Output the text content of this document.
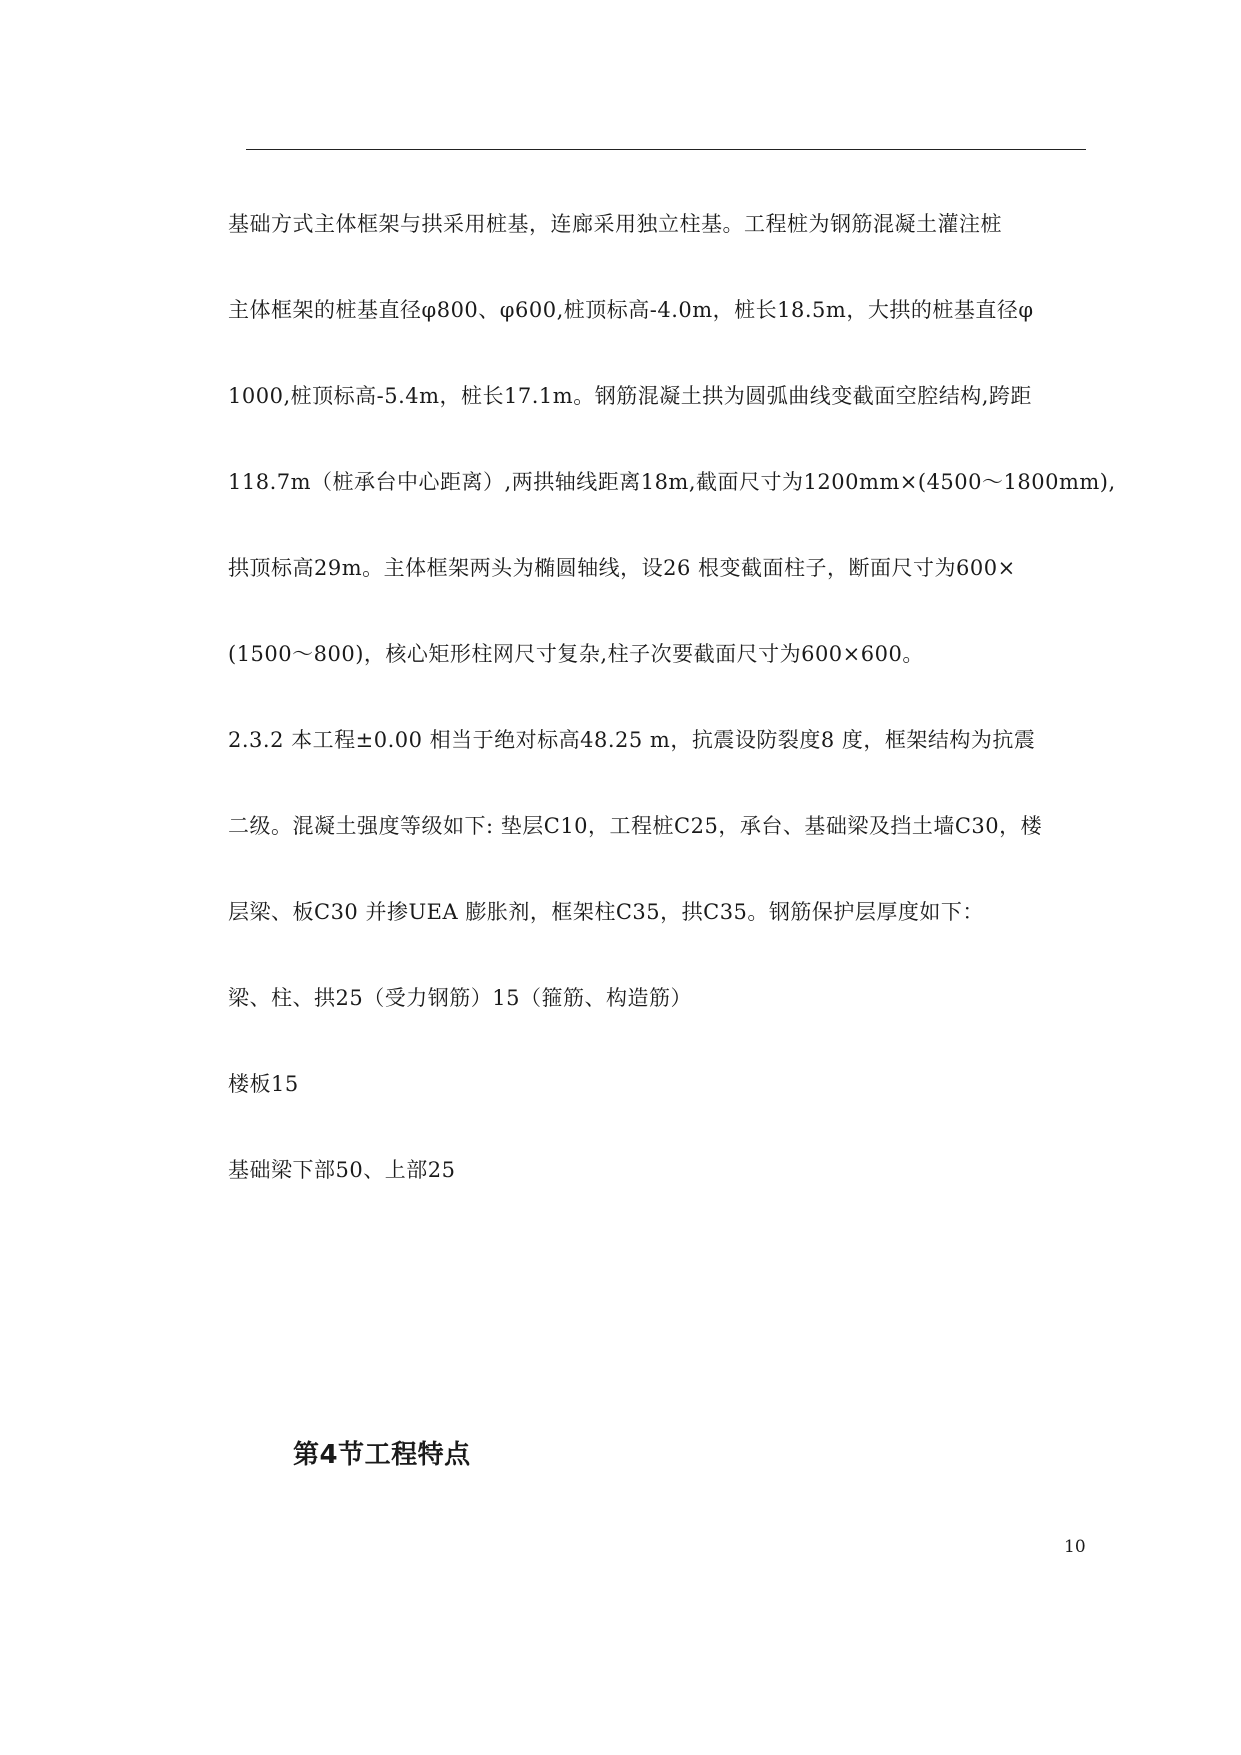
基础方式主体框架与拱采用桩基，连廊采用独立柱基。工程桩为钢筋混凝土灌注桩
主体框架的桩基直径φ800、φ600,桩顶标高-4.0m，桩长18.5m，大拱的桩基直径φ
1000,桩顶标高-5.4m，桩长17.1m。钢筋混凝土拱为圆弧曲线变截面空腔结构,跨距
118.7m（桩承台中心距离）,两拱轴线距离18m,截面尺寸为1200mm×(4500～1800mm),
拱顶标高29m。主体框架两头为椭圆轴线，设26 根变截面柱子，断面尺寸为600×
(1500～800)，核心矩形柱网尺寸复杂,柱子次要截面尺寸为600×600。
2.3.2 本工程±0.00 相当于绝对标高48.25 m，抗震设防裂度8 度，框架结构为抗震
二级。混凝土强度等级如下: 垫层C10，工程桩C25，承台、基础梁及挡土墙C30，楼
层梁、板C30 并掺UEA 膨胀剂，框架柱C35，拱C35。钢筋保护层厚度如下：
梁、柱、拱25（受力钢筋）15（箍筋、构造筋）
楼板15
基础梁下部50、上部25
第4节工程特点
10
